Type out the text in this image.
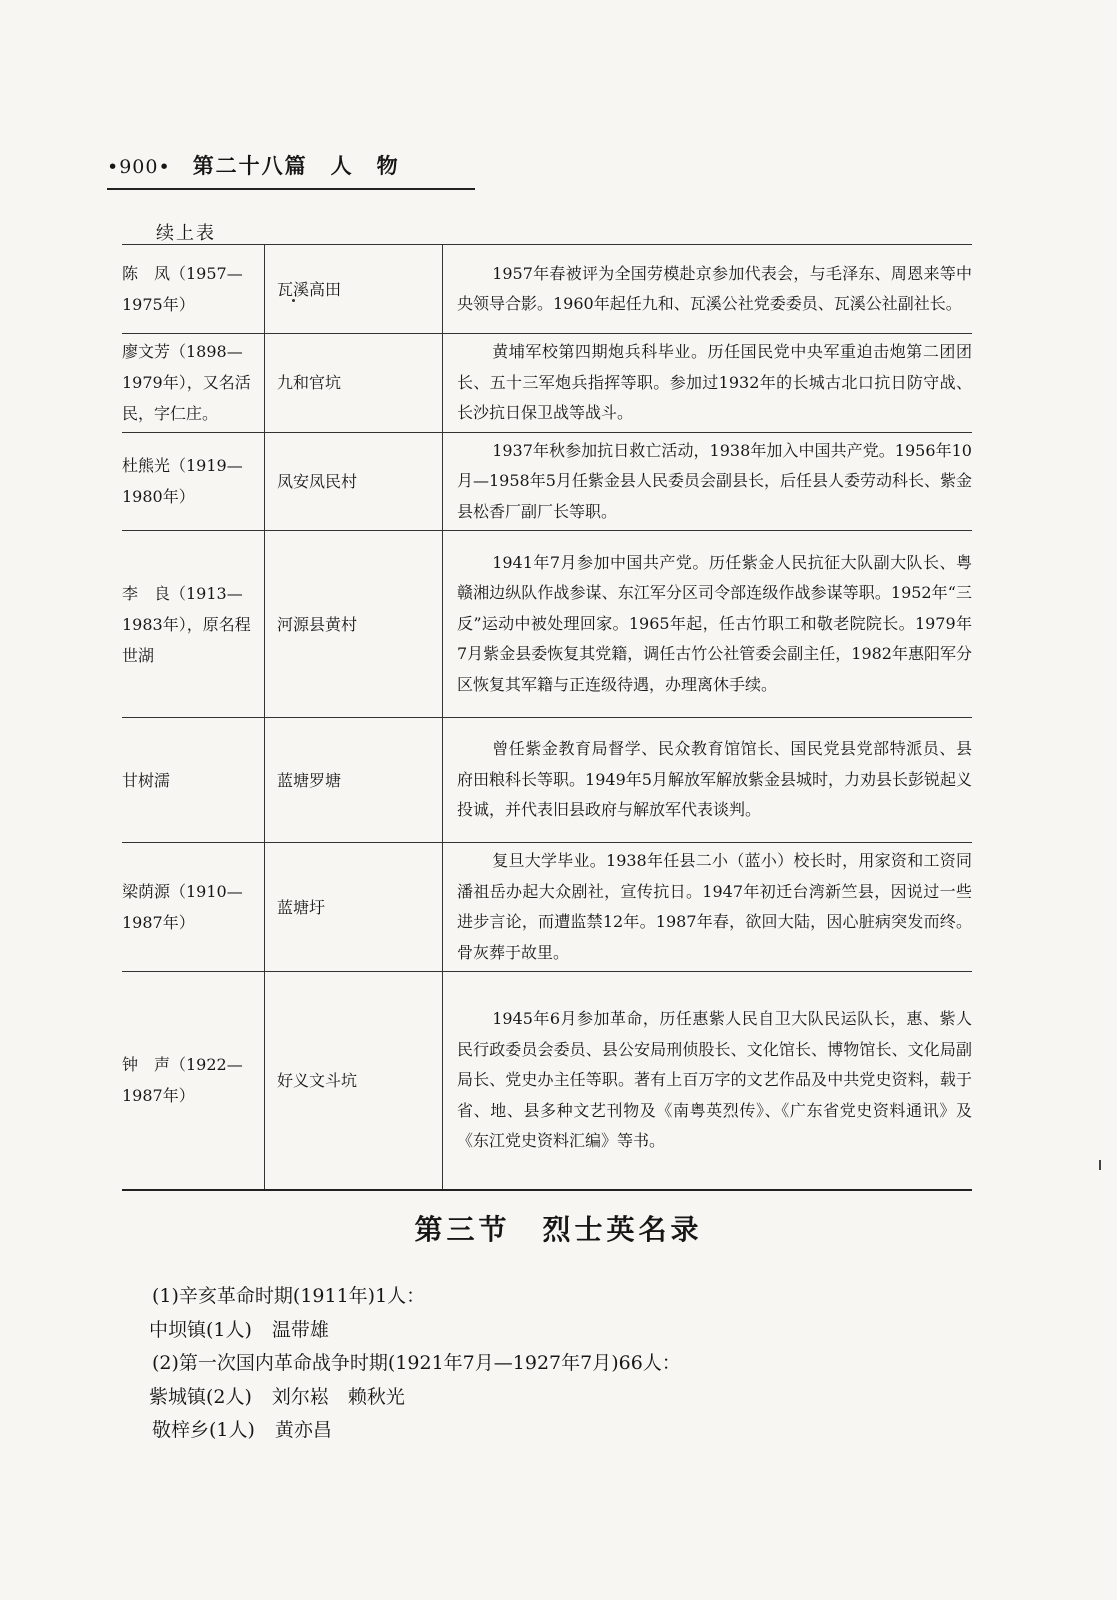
•900• 第二十八篇　人　物
续上表
陈　凤（1957—1975年）	瓦溪高田	1957年春被评为全国劳模赴京参加代表会，与毛泽东、周恩来等中央领导合影。1960年起任九和、瓦溪公社党委委员、瓦溪公社副社长。
廖文芳（1898—1979年），又名活民，字仁庄。	九和官坑	黄埔军校第四期炮兵科毕业。历任国民党中央军重迫击炮第二团团长、五十三军炮兵指挥等职。参加过1932年的长城古北口抗日防守战、长沙抗日保卫战等战斗。
杜熊光（1919—1980年）	凤安凤民村	1937年秋参加抗日救亡活动，1938年加入中国共产党。1956年10月—1958年5月任紫金县人民委员会副县长，后任县人委劳动科长、紫金县松香厂副厂长等职。
李　良（1913—1983年），原名程世湖	河源县黄村	1941年7月参加中国共产党。历任紫金人民抗征大队副大队长、粤赣湘边纵队作战参谋、东江军分区司令部连级作战参谋等职。1952年“三反”运动中被处理回家。1965年起，任古竹职工和敬老院院长。1979年7月紫金县委恢复其党籍，调任古竹公社管委会副主任，1982年惠阳军分区恢复其军籍与正连级待遇，办理离休手续。
甘树濡	蓝塘罗塘	曾任紫金教育局督学、民众教育馆馆长、国民党县党部特派员、县府田粮科长等职。1949年5月解放军解放紫金县城时，力劝县长彭锐起义投诚，并代表旧县政府与解放军代表谈判。
梁荫源（1910—1987年）	蓝塘圩	复旦大学毕业。1938年任县二小（蓝小）校长时，用家资和工资同潘祖岳办起大众剧社，宣传抗日。1947年初迁台湾新竺县，因说过一些进步言论，而遭监禁12年。1987年春，欲回大陆，因心脏病突发而终。骨灰葬于故里。
钟　声（1922—1987年）	好义文斗坑	1945年6月参加革命，历任惠紫人民自卫大队民运队长，惠、紫人民行政委员会委员、县公安局刑侦股长、文化馆长、博物馆长、文化局副局长、党史办主任等职。著有上百万字的文艺作品及中共党史资料，载于省、地、县多种文艺刊物及《南粤英烈传》、《广东省党史资料通讯》及《东江党史资料汇编》等书。
第三节　烈士英名录
(1)辛亥革命时期(1911年)1人：
中坝镇(1人) 温带雄
(2)第一次国内革命战争时期(1921年7月—1927年7月)66人：
紫城镇(2人) 刘尔崧　赖秋光
敬梓乡(1人) 黄亦昌
